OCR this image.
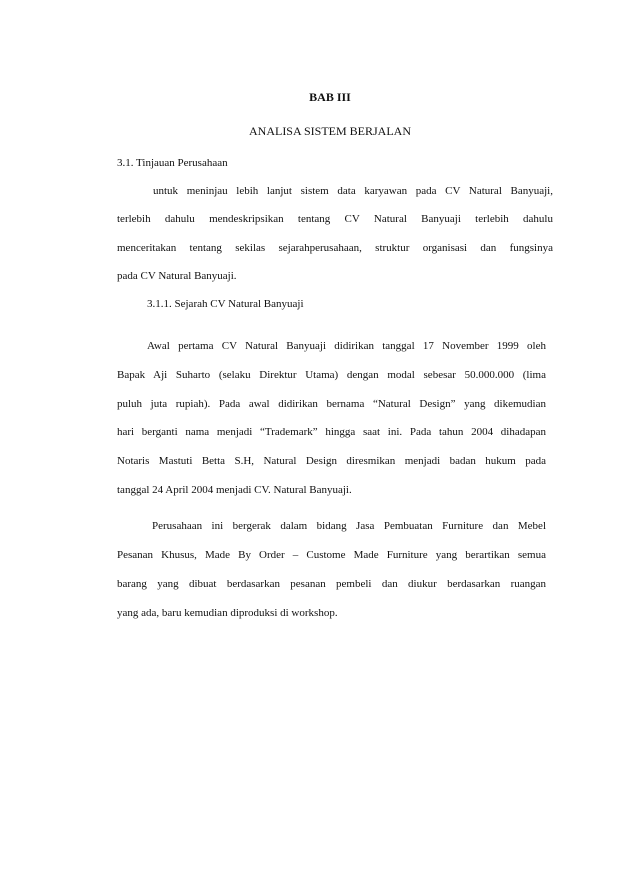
BAB III
ANALISA SISTEM BERJALAN
3.1. Tinjauan Perusahaan
untuk meninjau lebih lanjut sistem data karyawan pada CV Natural Banyuaji,
terlebih dahulu mendeskripsikan tentang CV Natural Banyuaji terlebih dahulu
menceritakan tentang sekilas sejarahperusahaan, struktur organisasi dan fungsinya
pada CV Natural Banyuaji.
3.1.1. Sejarah CV Natural Banyuaji
Awal pertama CV Natural Banyuaji didirikan tanggal 17 November 1999 oleh
Bapak Aji Suharto (selaku Direktur Utama) dengan modal sebesar 50.000.000 (lima
puluh juta rupiah). Pada awal didirikan bernama “Natural Design” yang dikemudian
hari berganti nama menjadi “Trademark” hingga saat ini. Pada tahun 2004 dihadapan
Notaris Mastuti Betta S.H, Natural Design diresmikan menjadi badan hukum pada
tanggal 24 April 2004 menjadi CV. Natural Banyuaji.
Perusahaan ini bergerak dalam bidang Jasa Pembuatan Furniture dan Mebel
Pesanan Khusus, Made By Order – Custome Made Furniture yang berartikan semua
barang yang dibuat berdasarkan pesanan pembeli dan diukur berdasarkan ruangan
yang ada, baru kemudian diproduksi di workshop.
